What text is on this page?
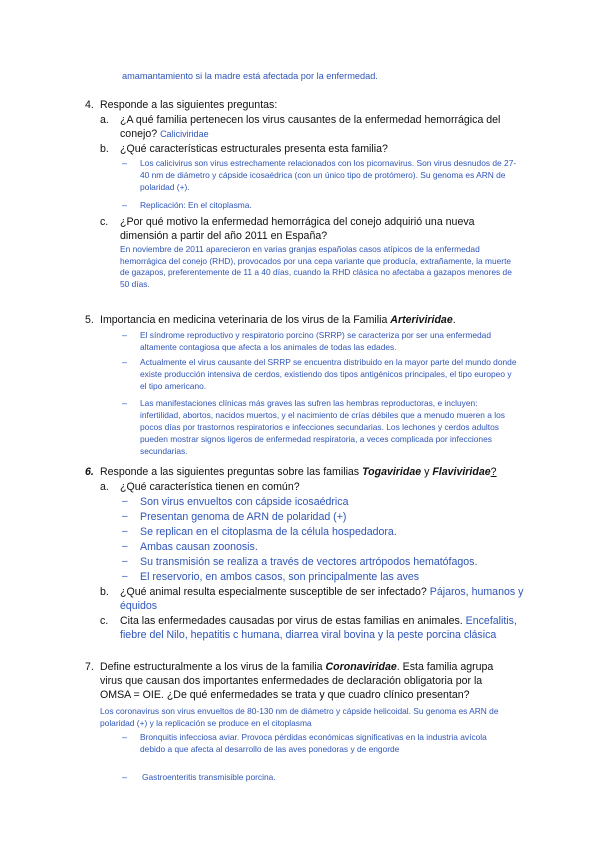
amamantamiento si la madre está afectada por la enfermedad.
4. Responde a las siguientes preguntas:
a. ¿A qué familia pertenecen los virus causantes de la enfermedad hemorrágica del conejo? Caliciviridae
b. ¿Qué características estructurales presenta esta familia?
– Los calicivirus son virus estrechamente relacionados con los picornavirus. Son virus desnudos de 27-40 nm de diámetro y cápside icosaédrica (con un único tipo de protómero). Su genoma es ARN de polaridad (+).
– Replicación: En el citoplasma.
c. ¿Por qué motivo la enfermedad hemorrágica del conejo adquirió una nueva dimensión a partir del año 2011 en España?
En noviembre de 2011 aparecieron en varias granjas españolas casos atípicos de la enfermedad hemorrágica del conejo (RHD), provocados por una cepa variante que producía, extrañamente, la muerte de gazapos, preferentemente de 11 a 40 días, cuando la RHD clásica no afectaba a gazapos menores de 50 días.
5. Importancia en medicina veterinaria de los virus de la Familia Arteriviridae.
– El síndrome reproductivo y respiratorio porcino (SRRP) se caracteriza por ser una enfermedad altamente contagiosa que afecta a los animales de todas las edades.
– Actualmente el virus causante del SRRP se encuentra distribuido en la mayor parte del mundo donde existe producción intensiva de cerdos, existiendo dos tipos antigénicos principales, el tipo europeo y el tipo americano.
– Las manifestaciones clínicas más graves las sufren las hembras reproductoras, e incluyen: infertilidad, abortos, nacidos muertos, y el nacimiento de crías débiles que a menudo mueren a los pocos días por trastornos respiratorios e infecciones secundarias. Los lechones y cerdos adultos pueden mostrar signos ligeros de enfermedad respiratoria, a veces complicada por infecciones secundarias.
6. Responde a las siguientes preguntas sobre las familias Togaviridae y Flaviviridae?
a. ¿Qué característica tienen en común?
– Son virus envueltos con cápside icosaédrica
– Presentan genoma de ARN de polaridad (+)
– Se replican en el citoplasma de la célula hospedadora.
– Ambas causan zoonosis.
– Su transmisión se realiza a través de vectores artrópodos hematófagos.
– El reservorio, en ambos casos, son principalmente las aves
b. ¿Qué animal resulta especialmente susceptible de ser infectado? Pájaros, humanos y équidos
c. Cita las enfermedades causadas por virus de estas familias en animales. Encefalitis, fiebre del Nilo, hepatitis c humana, diarrea viral bovina y la peste porcina clásica
7. Define estructuralmente a los virus de la familia Coronaviridae. Esta familia agrupa virus que causan dos importantes enfermedades de declaración obligatoria por la OMSA = OIE. ¿De qué enfermedades se trata y que cuadro clínico presentan?
Los coronavirus son virus envueltos de 80-130 nm de diámetro y cápside helicoidal. Su genoma es ARN de polaridad (+) y la replicación se produce en el citoplasma
– Bronquitis infecciosa aviar. Provoca pérdidas económicas significativas en la industria avícola debido a que afecta al desarrollo de las aves ponedoras y de engorde
– Gastroenteritis transmisible porcina.
